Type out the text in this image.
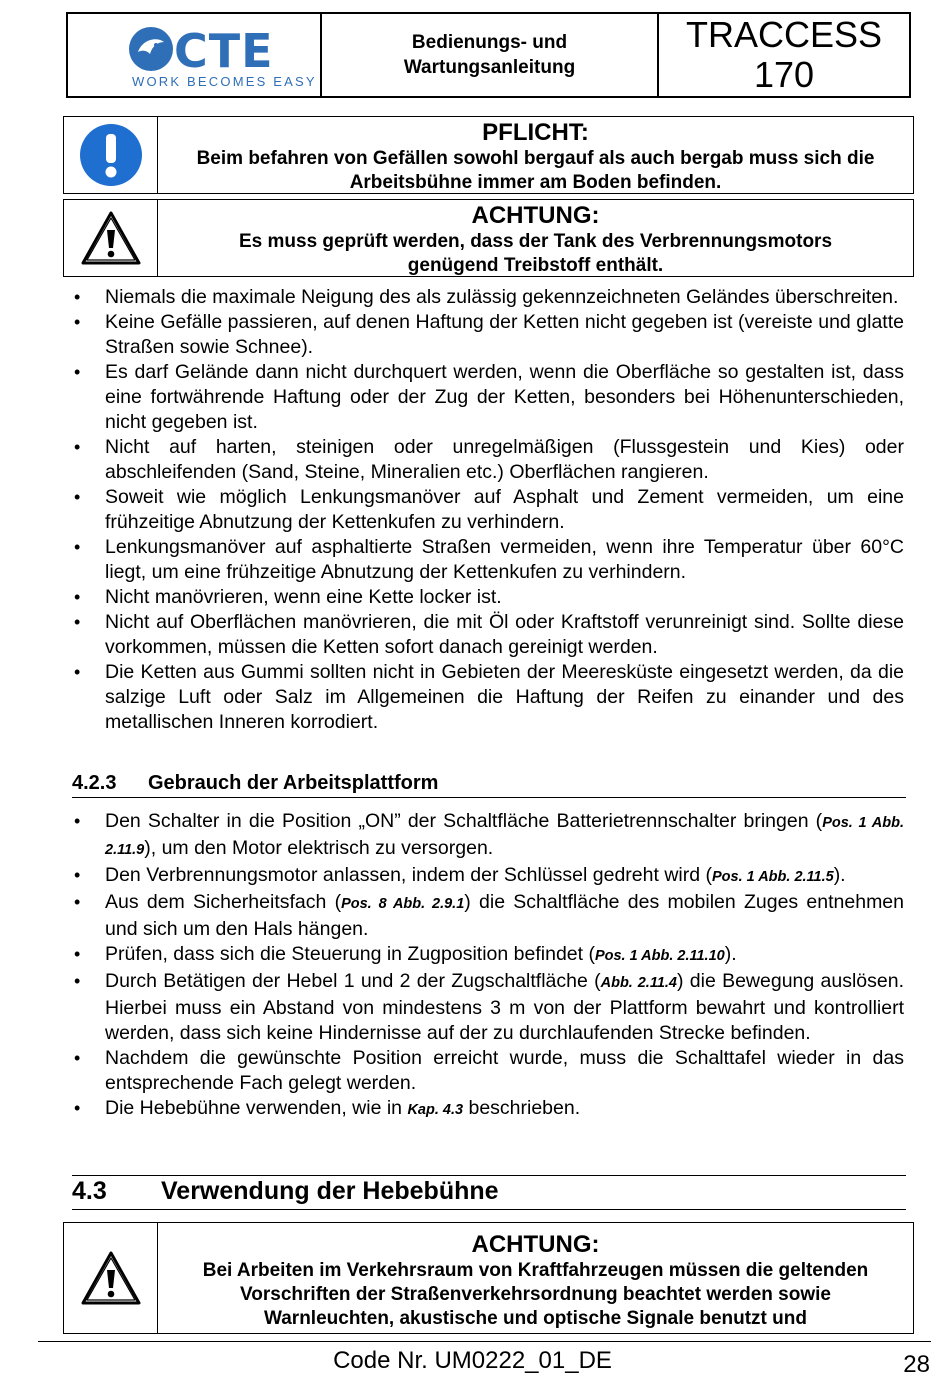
CTE
WORK BECOMES EASY
Bedienungs- und
Wartungsanleitung
TRACCESS
170
PFLICHT:
Beim befahren von Gefällen sowohl bergauf als auch bergab muss sich die Arbeitsbühne immer am Boden befinden.
ACHTUNG:
Es muss geprüft werden, dass der Tank des Verbrennungsmotors genügend Treibstoff enthält.
• Niemals die maximale Neigung des als zulässig gekennzeichneten Geländes überschreiten.
• Keine Gefälle passieren, auf denen Haftung der Ketten nicht gegeben ist (vereiste und glatte Straßen sowie Schnee).
• Es darf Gelände dann nicht durchquert werden, wenn die Oberfläche so gestalten ist, dass eine fortwährende Haftung oder der Zug der Ketten, besonders bei Höhenunterschieden, nicht gegeben ist.
• Nicht auf harten, steinigen oder unregelmäßigen (Flussgestein und Kies) oder abschleifenden (Sand, Steine, Mineralien etc.) Oberflächen rangieren.
• Soweit wie möglich Lenkungsmanöver auf Asphalt und Zement vermeiden, um eine frühzeitige Abnutzung der Kettenkufen zu verhindern.
• Lenkungsmanöver auf asphaltierte Straßen vermeiden, wenn ihre Temperatur über 60°C liegt, um eine frühzeitige Abnutzung der Kettenkufen zu verhindern.
• Nicht manövrieren, wenn eine Kette locker ist.
• Nicht auf Oberflächen manövrieren, die mit Öl oder Kraftstoff verunreinigt sind. Sollte diese vorkommen, müssen die Ketten sofort danach gereinigt werden.
• Die Ketten aus Gummi sollten nicht in Gebieten der Meeresküste eingesetzt werden, da die salzige Luft oder Salz im Allgemeinen die Haftung der Reifen zu einander und des metallischen Inneren korrodiert.
4.2.3 Gebrauch der Arbeitsplattform
• Den Schalter in die Position „ON” der Schaltfläche Batterietrennschalter bringen (Pos. 1 Abb. 2.11.9), um den Motor elektrisch zu versorgen.
• Den Verbrennungsmotor anlassen, indem der Schlüssel gedreht wird (Pos. 1 Abb. 2.11.5).
• Aus dem Sicherheitsfach (Pos. 8 Abb. 2.9.1) die Schaltfläche des mobilen Zuges entnehmen und sich um den Hals hängen.
• Prüfen, dass sich die Steuerung in Zugposition befindet (Pos. 1 Abb. 2.11.10).
• Durch Betätigen der Hebel 1 und 2 der Zugschaltfläche (Abb. 2.11.4) die Bewegung auslösen. Hierbei muss ein Abstand von mindestens 3 m von der Plattform bewahrt und kontrolliert werden, dass sich keine Hindernisse auf der zu durchlaufenden Strecke befinden.
• Nachdem die gewünschte Position erreicht wurde, muss die Schalttafel wieder in das entsprechende Fach gelegt werden.
• Die Hebebühne verwenden, wie in Kap. 4.3 beschrieben.
4.3 Verwendung der Hebebühne
ACHTUNG:
Bei Arbeiten im Verkehrsraum von Kraftfahrzeugen müssen die geltenden Vorschriften der Straßenverkehrsordnung beachtet werden sowie Warnleuchten, akustische und optische Signale benutzt und
Code Nr. UM0222_01_DE	28
